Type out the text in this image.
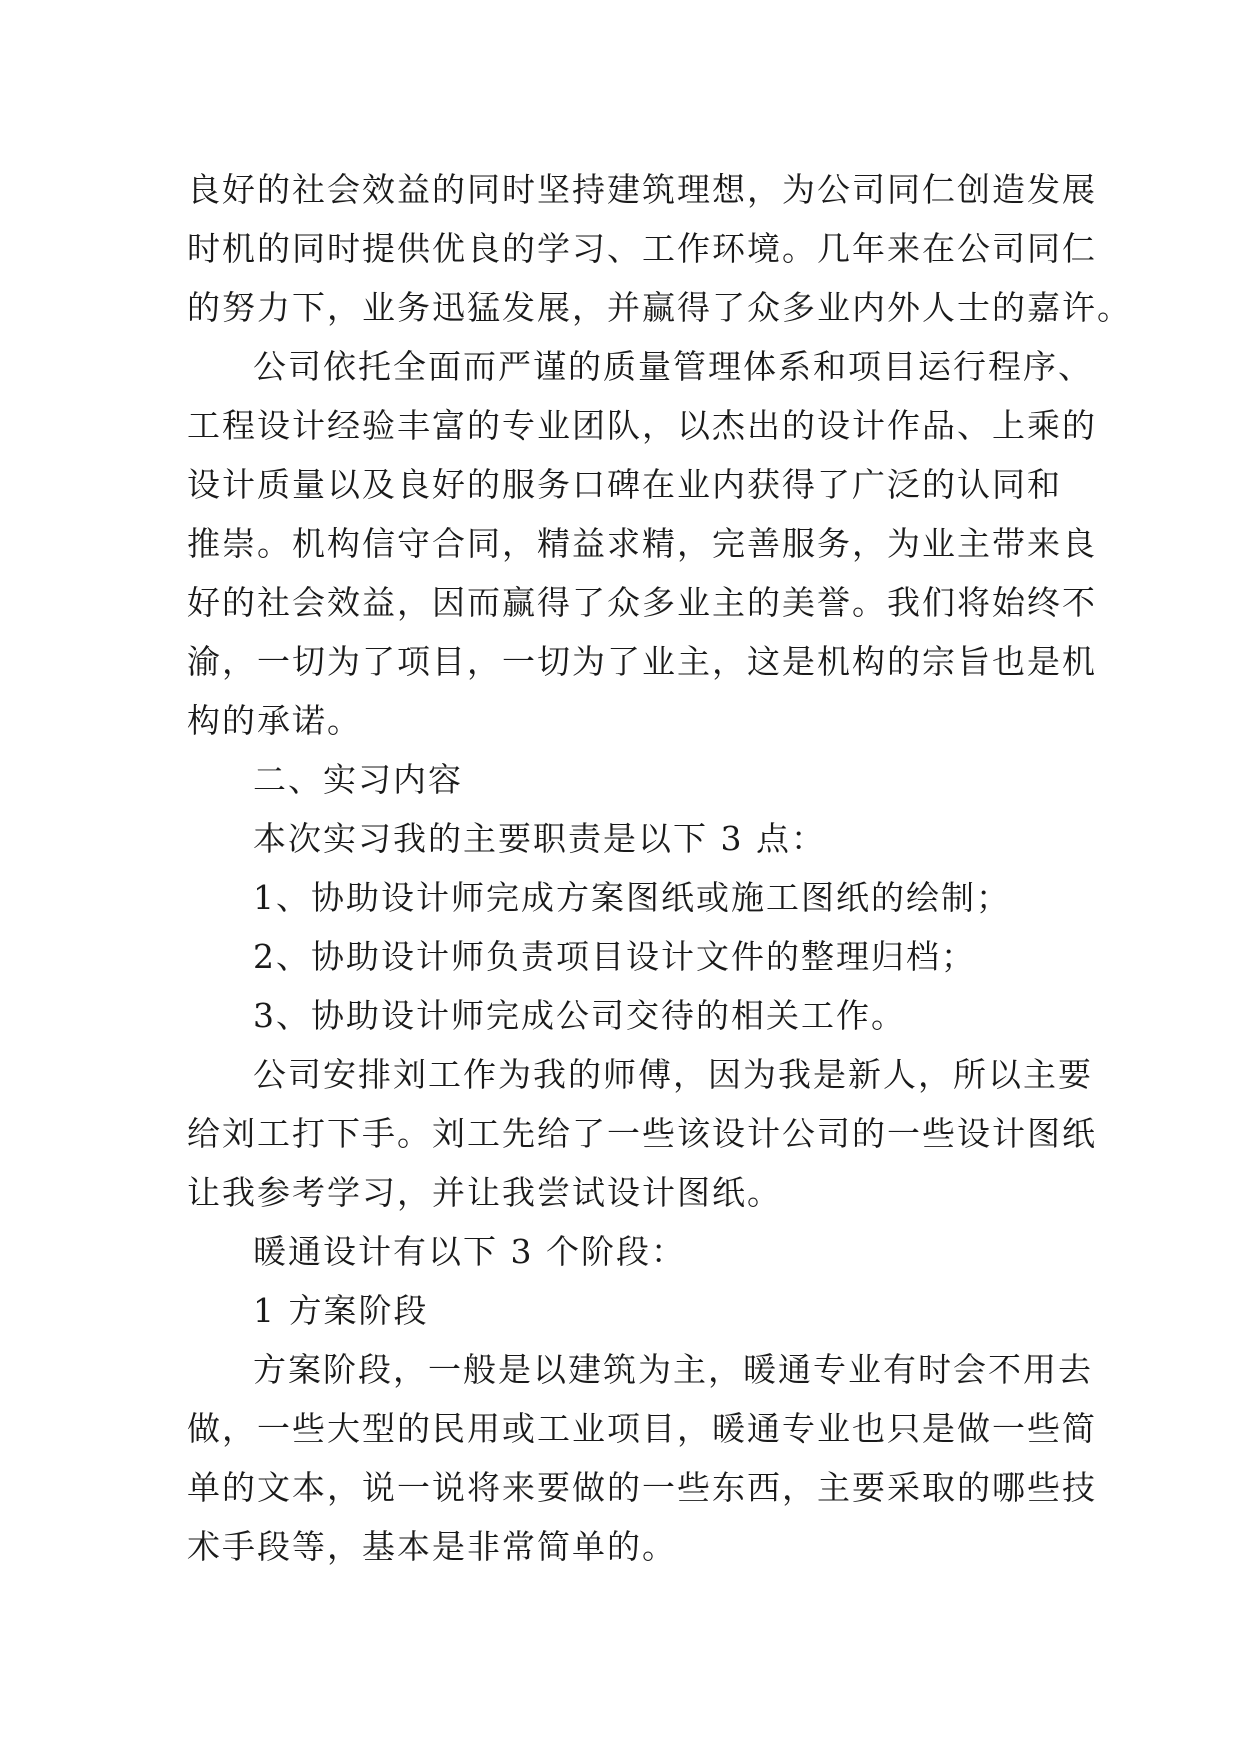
良好的社会效益的同时坚持建筑理想，为公司同仁创造发展

时机的同时提供优良的学习、工作环境。几年来在公司同仁

的努力下，业务迅猛发展，并赢得了众多业内外人士的嘉许。

公司依托全面而严谨的质量管理体系和项目运行程序、

工程设计经验丰富的专业团队，以杰出的设计作品、上乘的

设计质量以及良好的服务口碑在业内获得了广泛的认同和

推崇。机构信守合同，精益求精，完善服务，为业主带来良

好的社会效益，因而赢得了众多业主的美誉。我们将始终不

渝，一切为了项目，一切为了业主，这是机构的宗旨也是机

构的承诺。

二、实习内容

本次实习我的主要职责是以下 3 点：

1、协助设计师完成方案图纸或施工图纸的绘制；

2、协助设计师负责项目设计文件的整理归档；

3、协助设计师完成公司交待的相关工作。

公司安排刘工作为我的师傅，因为我是新人，所以主要

给刘工打下手。刘工先给了一些该设计公司的一些设计图纸

让我参考学习，并让我尝试设计图纸。

暖通设计有以下 3 个阶段：

1 方案阶段

方案阶段，一般是以建筑为主，暖通专业有时会不用去

做，一些大型的民用或工业项目，暖通专业也只是做一些简

单的文本，说一说将来要做的一些东西，主要采取的哪些技

术手段等，基本是非常简单的。
